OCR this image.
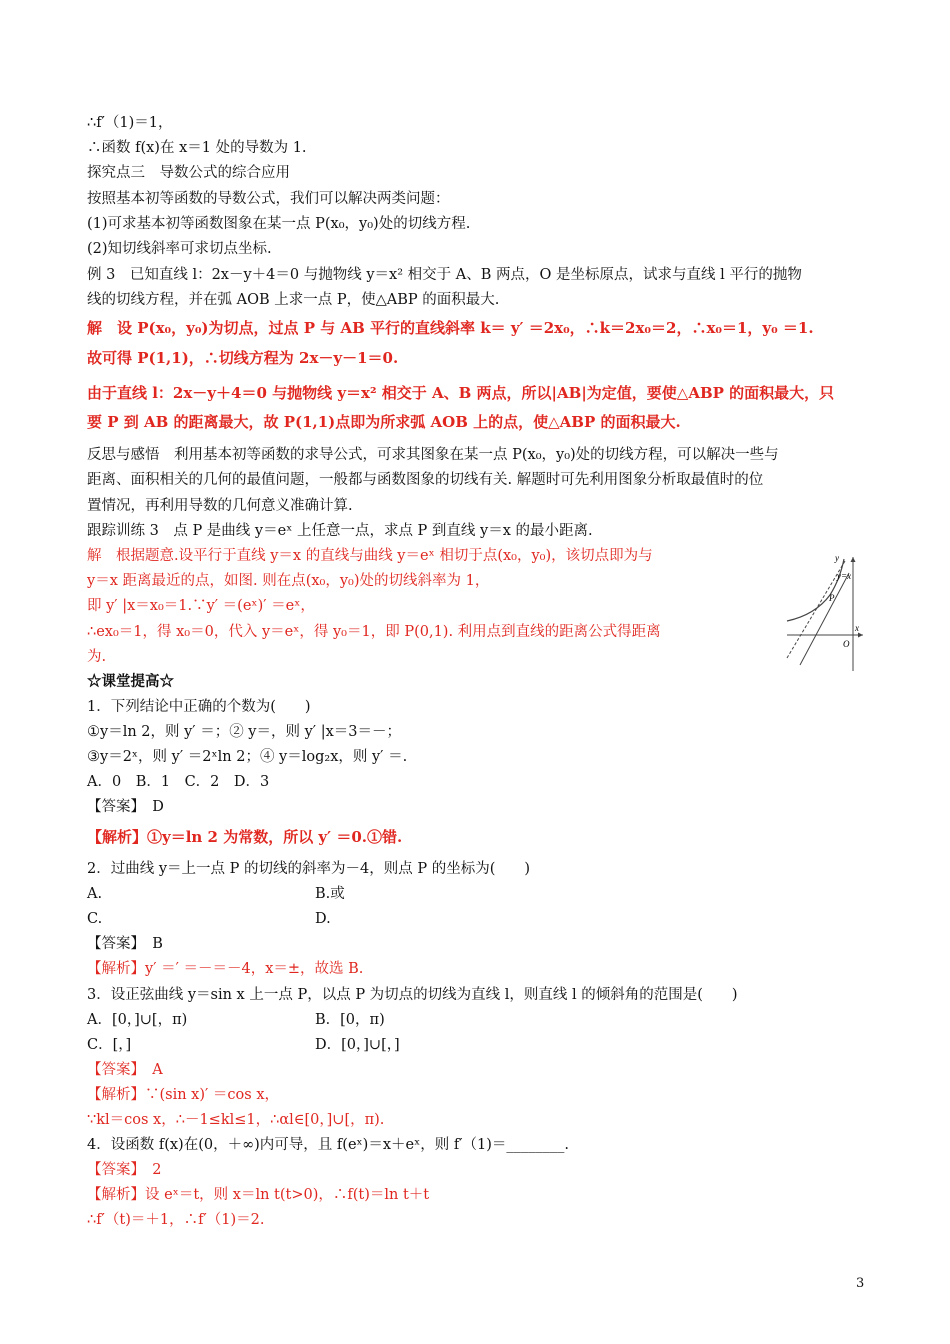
∴f′（1)＝1，
∴函数 f(x)在 x＝1 处的导数为 1.
探究点三　导数公式的综合应用
按照基本初等函数的导数公式，我们可以解决两类问题：
(1)可求基本初等函数图象在某一点 P(x₀，y₀)处的切线方程.
(2)知切线斜率可求切点坐标.
例 3　已知直线 l：2x－y＋4＝0 与抛物线 y＝x² 相交于 A、B 两点，O 是坐标原点，试求与直线 l 平行的抛物
线的切线方程，并在弧 AOB 上求一点 P，使△ABP 的面积最大.
解　设 P(x₀，y₀)为切点，过点 P 与 AB 平行的直线斜率 k＝ y′ ＝2x₀，∴k＝2x₀＝2，∴x₀＝1，y₀ ＝1.
故可得 P(1,1)，∴切线方程为 2x－y－1＝0.
由于直线 l：2x－y＋4＝0 与抛物线 y＝x² 相交于 A、B 两点，所以|AB|为定值，要使△ABP 的面积最大，只
要 P 到 AB 的距离最大，故 P(1,1)点即为所求弧 AOB 上的点，使△ABP 的面积最大.
反思与感悟　利用基本初等函数的求导公式，可求其图象在某一点 P(x₀，y₀)处的切线方程，可以解决一些与
距离、面积相关的几何的最值问题，一般都与函数图象的切线有关. 解题时可先利用图象分析取最值时的位
置情况，再利用导数的几何意义准确计算.
跟踪训练 3　点 P 是曲线 y＝eˣ 上任意一点，求点 P 到直线 y＝x 的最小距离.
解　根据题意.设平行于直线 y＝x 的直线与曲线 y＝eˣ 相切于点(x₀，y₀)，该切点即为与
y＝x 距离最近的点，如图. 则在点(x₀，y₀)处的切线斜率为 1，
即 y′ |x＝x₀＝1.∵y′ ＝(eˣ)′ ＝eˣ，
∴ex₀＝1，得 x₀＝0，代入 y＝eˣ，得 y₀＝1，即 P(0,1). 利用点到直线的距离公式得距离
为.
y
x
y=x
P
O
☆课堂提高☆
1．下列结论中正确的个数为(　　)
①y＝ln 2，则 y′ ＝；② y＝，则 y′ |x＝3＝－；
③y＝2ˣ，则 y′ ＝2ˣln 2；④ y＝log₂x，则 y′ ＝.
A．0　B．1　C．2　D．3
【答案】　D
【解析】①y＝ln 2 为常数，所以 y′ ＝0.①错.
2．过曲线 y＝上一点 P 的切线的斜率为－4，则点 P 的坐标为(　　)
A.	B.或
C.	D.
【答案】　B
【解析】y′ ＝′ ＝－＝－4，x＝±，故选 B.
3．设正弦曲线 y＝sin x 上一点 P，以点 P 为切点的切线为直线 l，则直线 l 的倾斜角的范围是(　　)
A．[0，]∪[，π)	B．[0，π)
C．[，]	D．[0，]∪[，]
【答案】　A
【解析】∵(sin x)′ ＝cos x，
∵kl＝cos x，∴－1≤kl≤1，∴αl∈[0，]∪[，π).
4．设函数 f(x)在(0，＋∞)内可导，且 f(eˣ)＝x＋eˣ，则 f′（1)＝________.
【答案】　2
【解析】设 eˣ＝t，则 x＝ln t(t>0)，∴f(t)＝ln t＋t
∴f′（t)＝＋1，∴f′（1)＝2.
3
